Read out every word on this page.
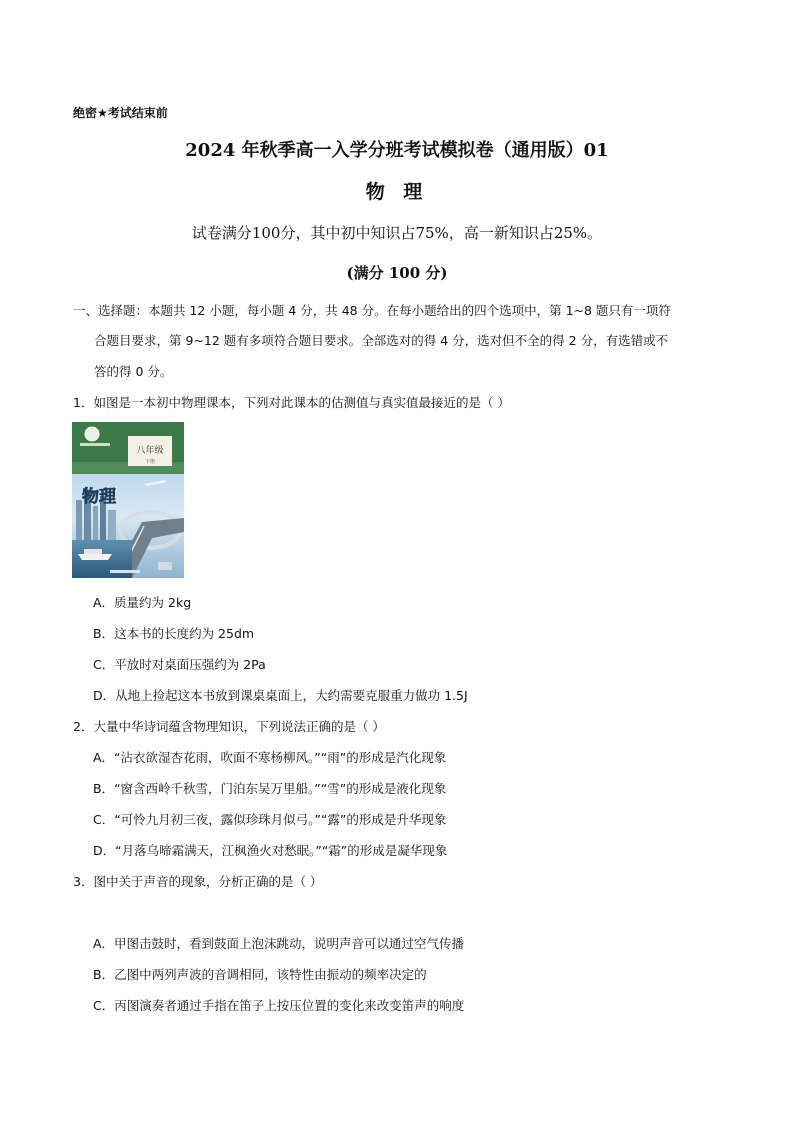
绝密★考试结束前
2024 年秋季高一入学分班考试模拟卷（通用版）01
物 理
试卷满分100分，其中初中知识占75%，高一新知识占25%。
(满分 100 分)
一、选择题：本题共 12 小题，每小题 4 分，共 48 分。在每小题给出的四个选项中，第 1~8 题只有一项符
合题目要求，第 9~12 题有多项符合题目要求。全部选对的得 4 分，选对但不全的得 2 分，有选错或不
答的得 0 分。
1．如图是一本初中物理课本，下列对此课本的估测值与真实值最接近的是（ ）
八年级
下册
物理
A．质量约为 2kg
B．这本书的长度约为 25dm
C．平放时对桌面压强约为 2Pa
D．从地上捡起这本书放到课桌桌面上，大约需要克服重力做功 1.5J
2．大量中华诗词蕴含物理知识，下列说法正确的是（ ）
A．“沾衣欲湿杏花雨，吹面不寒杨柳风。”“雨”的形成是汽化现象
B．“窗含西岭千秋雪，门泊东吴万里船。”“雪”的形成是液化现象
C．“可怜九月初三夜，露似珍珠月似弓。”“露”的形成是升华现象
D．“月落乌啼霜满天，江枫渔火对愁眠。”“霜”的形成是凝华现象
3．图中关于声音的现象，分析正确的是（ ）
A．甲图击鼓时，看到鼓面上泡沫跳动，说明声音可以通过空气传播
B．乙图中两列声波的音调相同，该特性由振动的频率决定的
C．丙图演奏者通过手指在笛子上按压位置的变化来改变笛声的响度
